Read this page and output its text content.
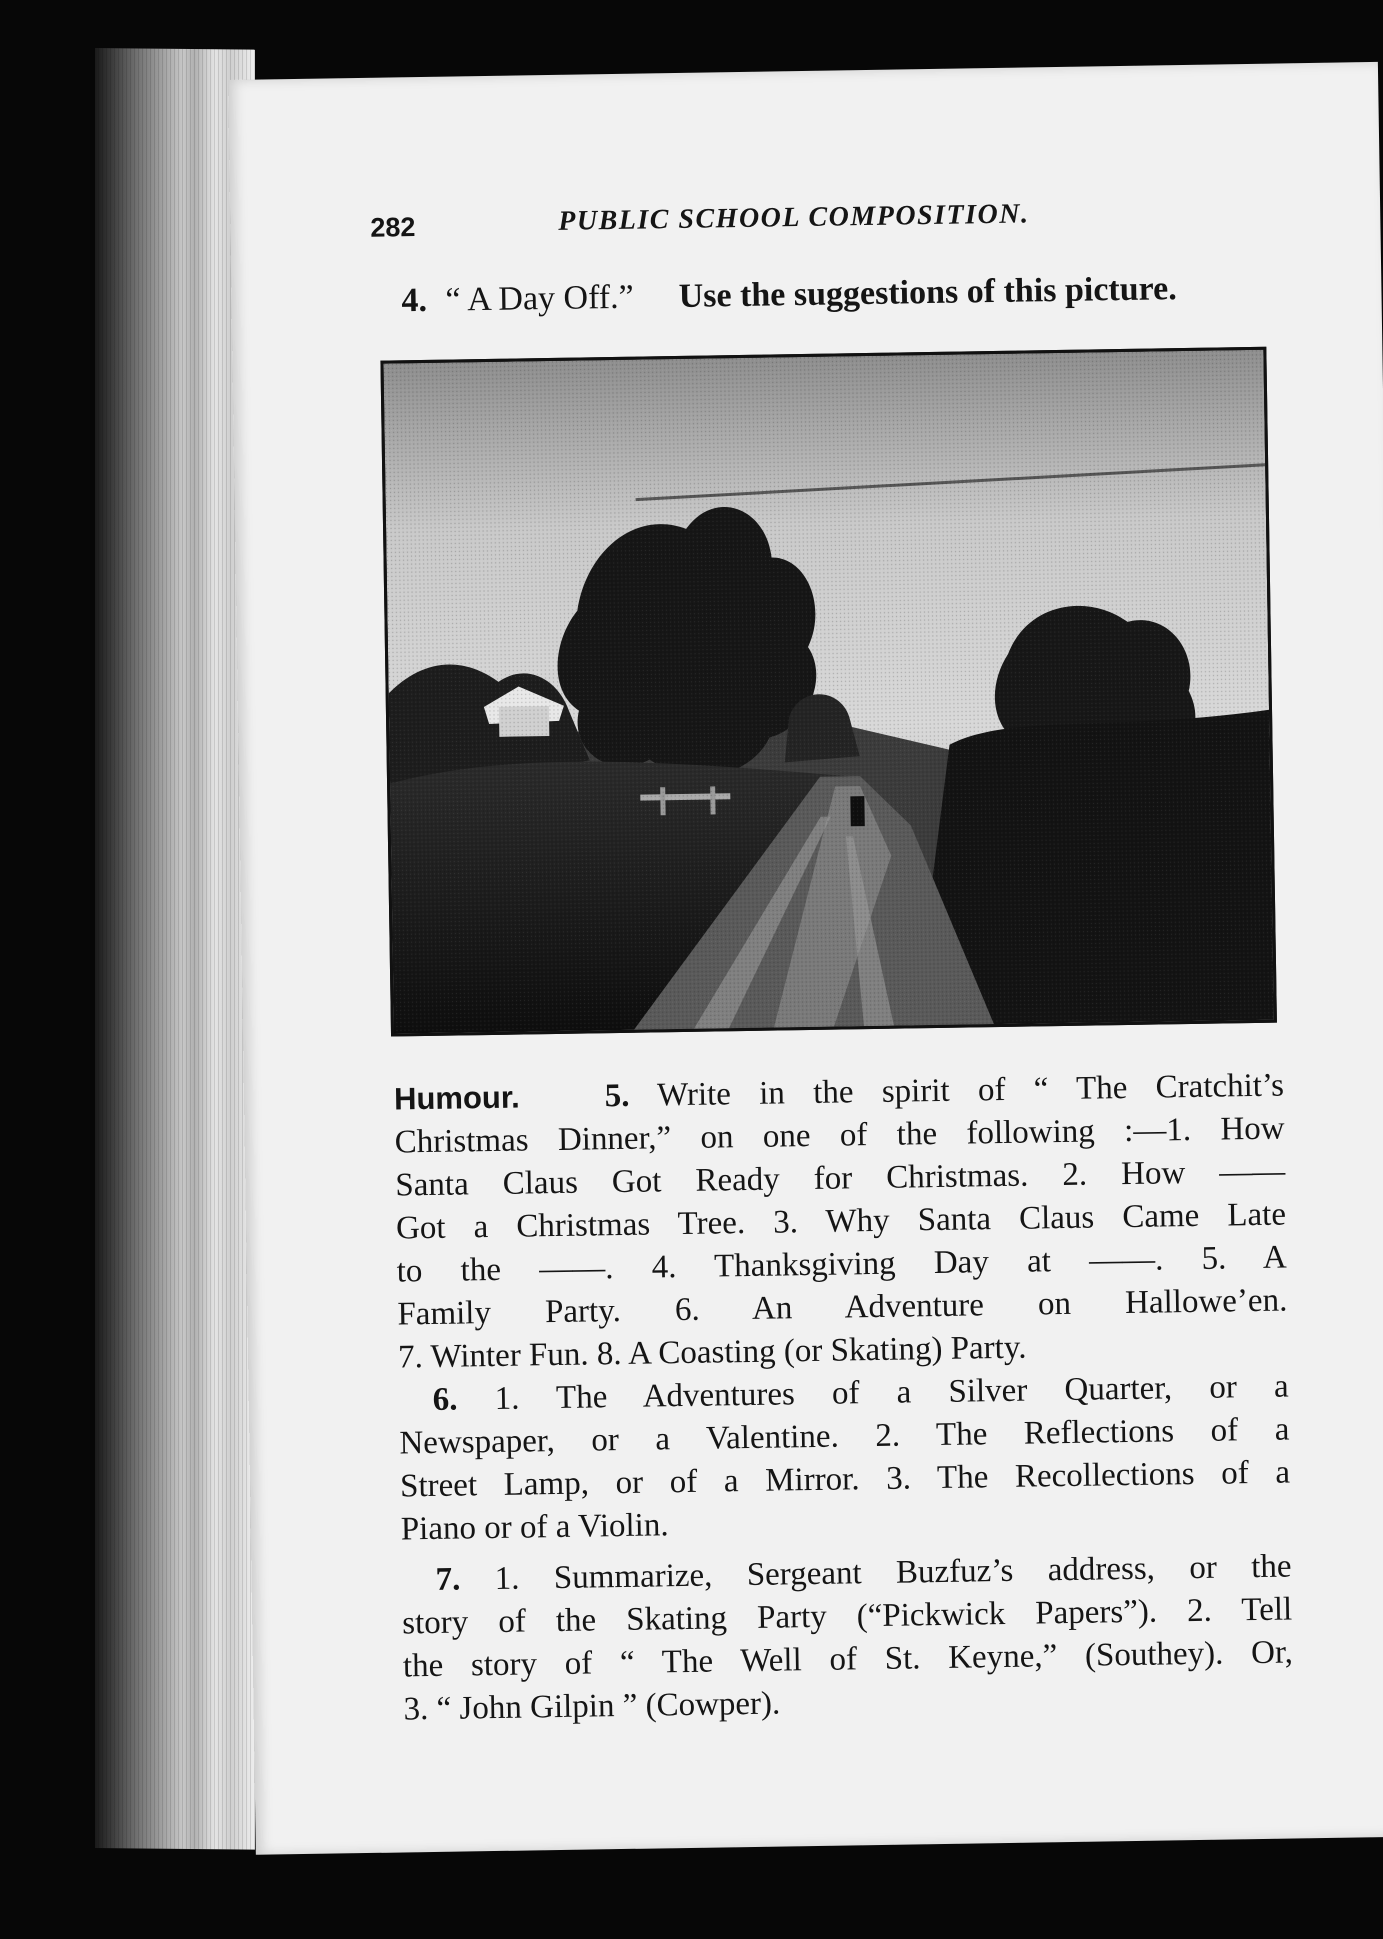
282	PUBLIC SCHOOL COMPOSITION.
4. “ A Day Off.” Use the suggestions of this picture.
Humour.	5. Write in the spirit of “ The Cratchit’s
Christmas Dinner,” on one of the following :—1. How
Santa Claus Got Ready for Christmas. 2. How ——
Got a Christmas Tree. 3. Why Santa Claus Came Late
to the ——. 4. Thanksgiving Day at ——. 5. A
Family Party. 6. An Adventure on Hallowe’en.
7. Winter Fun. 8. A Coasting (or Skating) Party.
6. 1. The Adventures of a Silver Quarter, or a
Newspaper, or a Valentine. 2. The Reflections of a
Street Lamp, or of a Mirror. 3. The Recollections of a
Piano or of a Violin.
7. 1. Summarize, Sergeant Buzfuz’s address, or the
story of the Skating Party (“Pickwick Papers”). 2. Tell
the story of “ The Well of St. Keyne,” (Southey). Or,
3. “ John Gilpin ” (Cowper).
